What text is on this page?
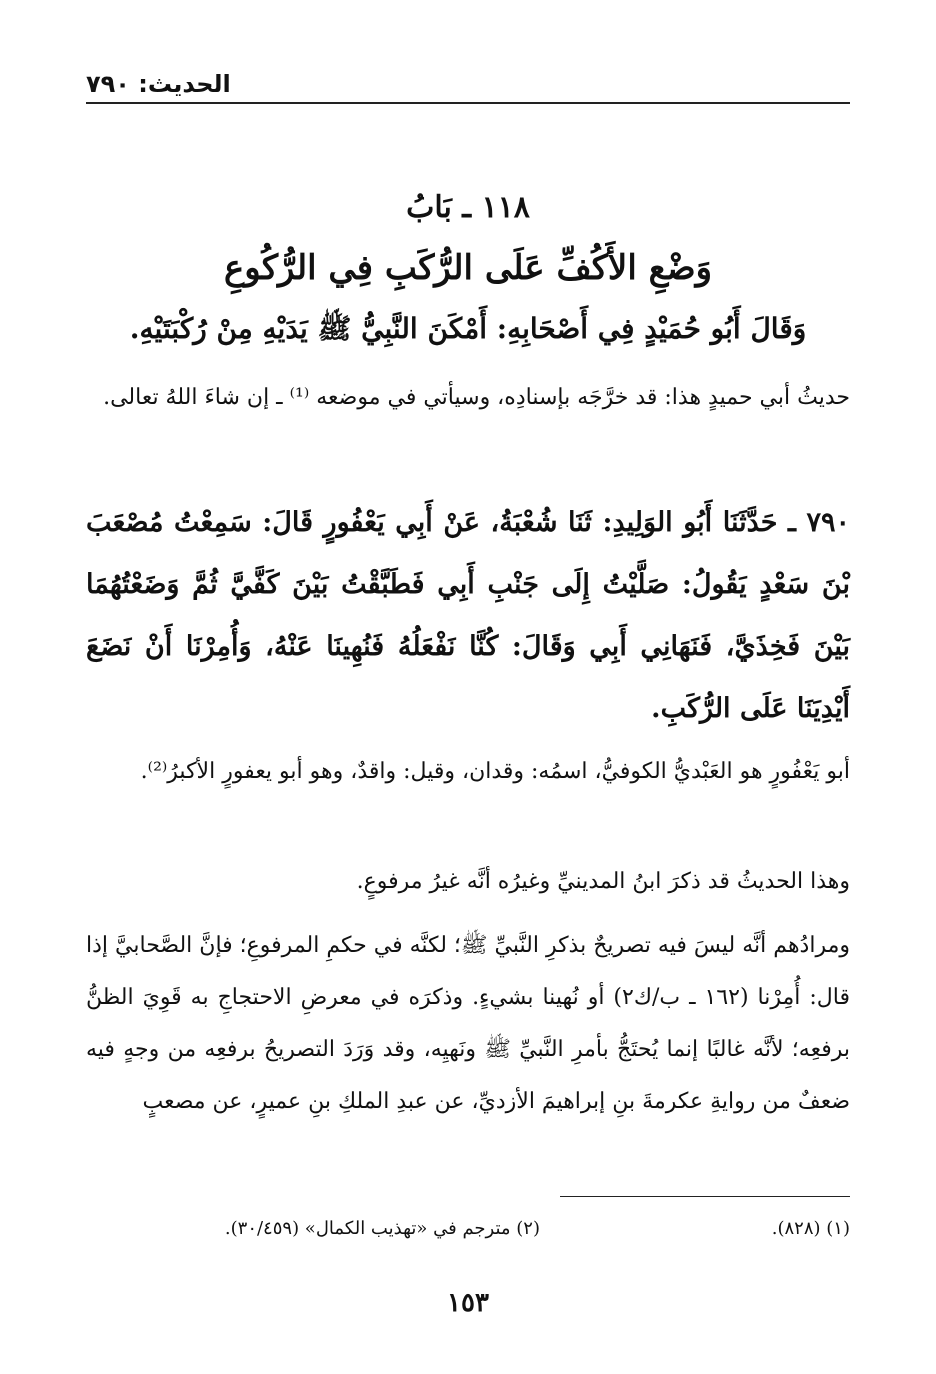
الحديث: ٧٩٠
١١٨ ـ بَابُ
وَضْعِ الأَكُفِّ عَلَى الرُّكَبِ فِي الرُّكُوعِ
وَقَالَ أَبُو حُمَيْدٍ فِي أَصْحَابِهِ: أَمْكَنَ النَّبِيُّ ﷺ يَدَيْهِ مِنْ رُكْبَتَيْهِ.

حديثُ أبي حميدٍ هذا: قد خرَّجَه بإسنادِه، وسيأتي في موضعه ⁽¹⁾ ـ إن شاءَ اللهُ تعالى.

٧٩٠ ـ حَدَّثَنَا أَبُو الوَلِيدِ: ثَنَا شُعْبَةُ، عَنْ أَبِي يَعْفُورٍ قَالَ: سَمِعْتُ مُصْعَبَ بْنَ سَعْدٍ يَقُولُ: صَلَّيْتُ إِلَى جَنْبِ أَبِي فَطَبَّقْتُ بَيْنَ كَفَّيَّ ثُمَّ وَضَعْتُهُمَا بَيْنَ فَخِذَيَّ، فَنَهَانِي أَبِي وَقَالَ: كُنَّا نَفْعَلُهُ فَنُهِينَا عَنْهُ، وَأُمِرْنَا أَنْ نَضَعَ أَيْدِيَنَا عَلَى الرُّكَبِ.

أبو يَعْفُورٍ هو العَبْديُّ الكوفيُّ، اسمُه: وقدان، وقيل: واقدٌ، وهو أبو يعفورٍ الأكبرُ⁽²⁾.

وهذا الحديثُ قد ذكرَ ابنُ المدينيِّ وغيرُه أنَّه غيرُ مرفوعٍ.

ومرادُهم أنَّه ليسَ فيه تصريحٌ بذكرِ النَّبيِّ ﷺ؛ لكنَّه في حكمِ المرفوعِ؛ فإنَّ الصَّحابيَّ إذا قال: أُمِرْنا (١٦٢ ـ ب/ك٢) أو نُهينا بشيءٍ. وذكرَه في معرضِ الاحتجاجِ به قَوِيَ الظنُّ برفعِه؛ لأنَّه غالبًا إنما يُحتَجُّ بأمرِ النَّبيِّ ﷺ ونَهيِه، وقد وَرَدَ التصريحُ برفعِه من وجهٍ فيه ضعفٌ من روايةِ عكرمةَ بنِ إبراهيمَ الأزديِّ، عن عبدِ الملكِ بنِ عميرٍ، عن مصعبٍ

(١) (٨٢٨).
(٢) مترجم في «تهذيب الكمال» (٣٠/٤٥٩).
١٥٣
